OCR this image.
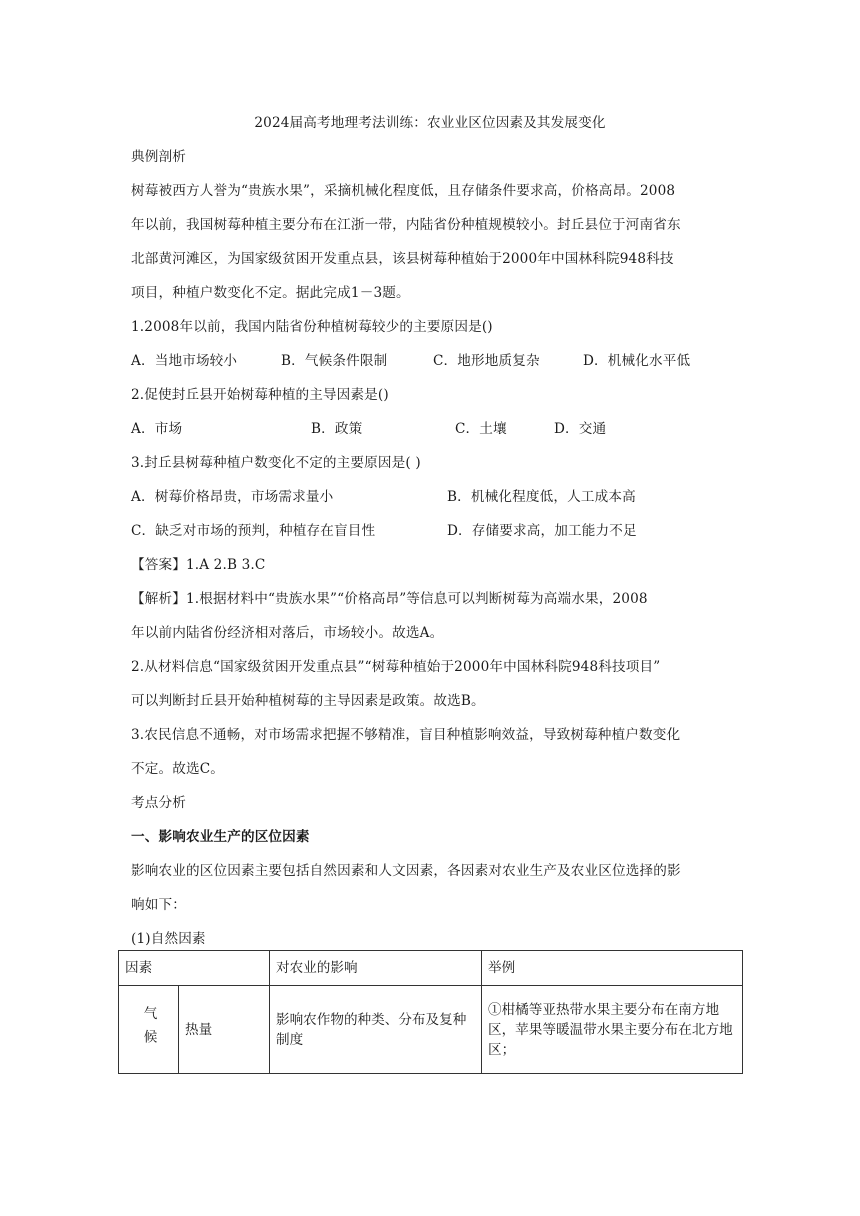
2024届高考地理考法训练：农业业区位因素及其发展变化
典例剖析
树莓被西方人誉为“贵族水果”，采摘机械化程度低，且存储条件要求高，价格高昂。2008
年以前，我国树莓种植主要分布在江浙一带，内陆省份种植规模较小。封丘县位于河南省东
北部黄河滩区，为国家级贫困开发重点县，该县树莓种植始于2000年中国林科院948科技
项目，种植户数变化不定。据此完成1－3题。
1.2008年以前，我国内陆省份种植树莓较少的主要原因是()
A．当地市场较小	B．气候条件限制	C．地形地质复杂	D．机械化水平低
2.促使封丘县开始树莓种植的主导因素是()
A．市场	B．政策	C．土壤	D．交通
3.封丘县树莓种植户数变化不定的主要原因是( )
A．树莓价格昂贵，市场需求量小	B．机械化程度低，人工成本高
C．缺乏对市场的预判，种植存在盲目性	D．存储要求高，加工能力不足
【答案】1.A 2.B 3.C
【解析】1.根据材料中“贵族水果”“价格高昂”等信息可以判断树莓为高端水果，2008
年以前内陆省份经济相对落后，市场较小。故选A。
2.从材料信息“国家级贫困开发重点县”“树莓种植始于2000年中国林科院948科技项目”
可以判断封丘县开始种植树莓的主导因素是政策。故选B。
3.农民信息不通畅，对市场需求把握不够精准，盲目种植影响效益，导致树莓种植户数变化
不定。故选C。
考点分析
一、影响农业生产的区位因素
影响农业的区位因素主要包括自然因素和人文因素，各因素对农业生产及农业区位选择的影
响如下：
(1)自然因素
因素		对农业的影响	举例

气候	热量	影响农作物的种类、分布及复种制度	①柑橘等亚热带水果主要分布在南方地区，苹果等暖温带水果主要分布在北方地区；
